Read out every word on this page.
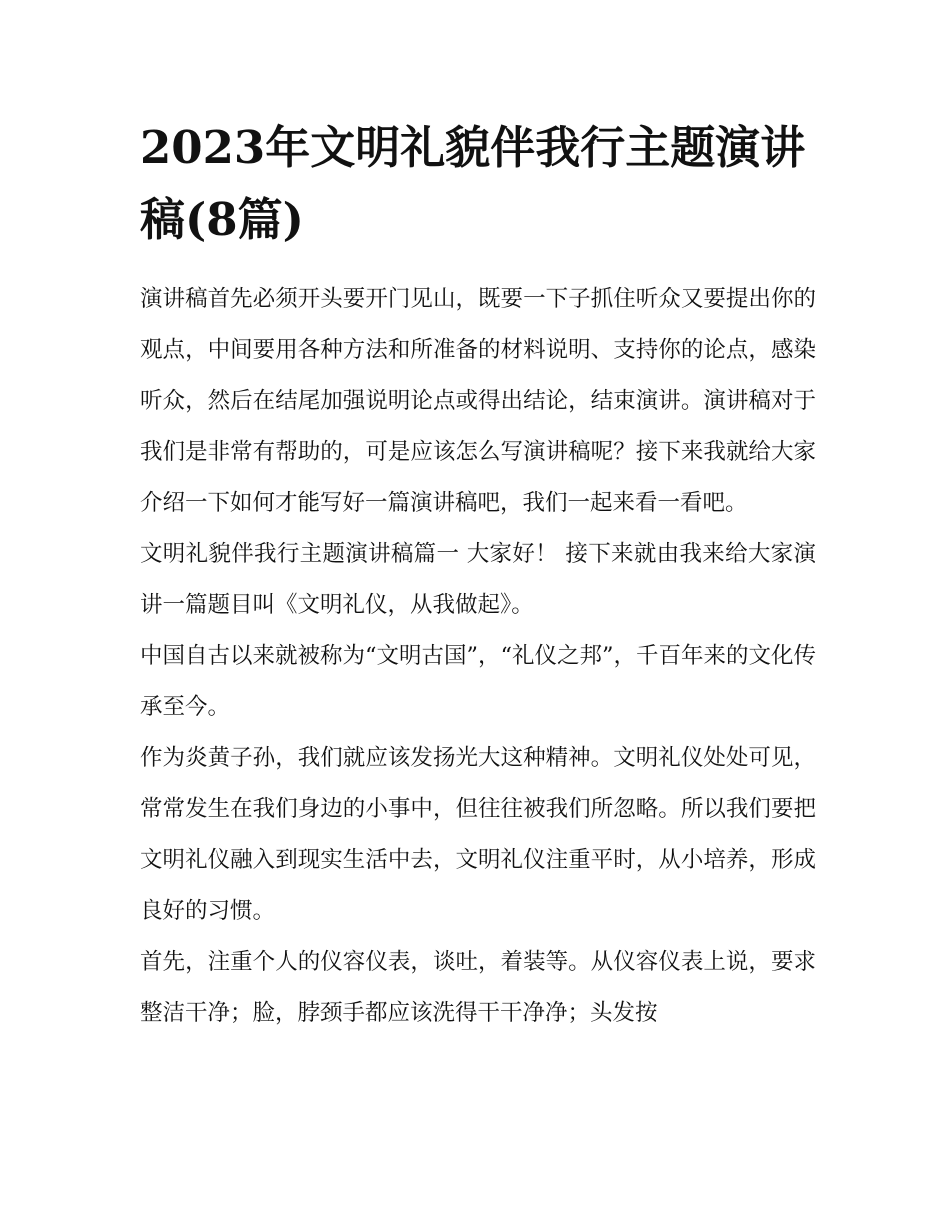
2023年文明礼貌伴我行主题演讲稿(8篇)

演讲稿首先必须开头要开门见山，既要一下子抓住听众又要提出你的观点，中间要用各种方法和所准备的材料说明、支持你的论点，感染听众，然后在结尾加强说明论点或得出结论，结束演讲。演讲稿对于我们是非常有帮助的，可是应该怎么写演讲稿呢？接下来我就给大家介绍一下如何才能写好一篇演讲稿吧，我们一起来看一看吧。

文明礼貌伴我行主题演讲稿篇一 大家好！ 接下来就由我来给大家演讲一篇题目叫《文明礼仪，从我做起》。

中国自古以来就被称为“文明古国”，“礼仪之邦”，千百年来的文化传承至今。

作为炎黄子孙，我们就应该发扬光大这种精神。文明礼仪处处可见，常常发生在我们身边的小事中，但往往被我们所忽略。所以我们要把文明礼仪融入到现实生活中去，文明礼仪注重平时，从小培养，形成良好的习惯。

首先，注重个人的仪容仪表，谈吐，着装等。从仪容仪表上说，要求整洁干净；脸，脖颈手都应该洗得干干净净；头发按
